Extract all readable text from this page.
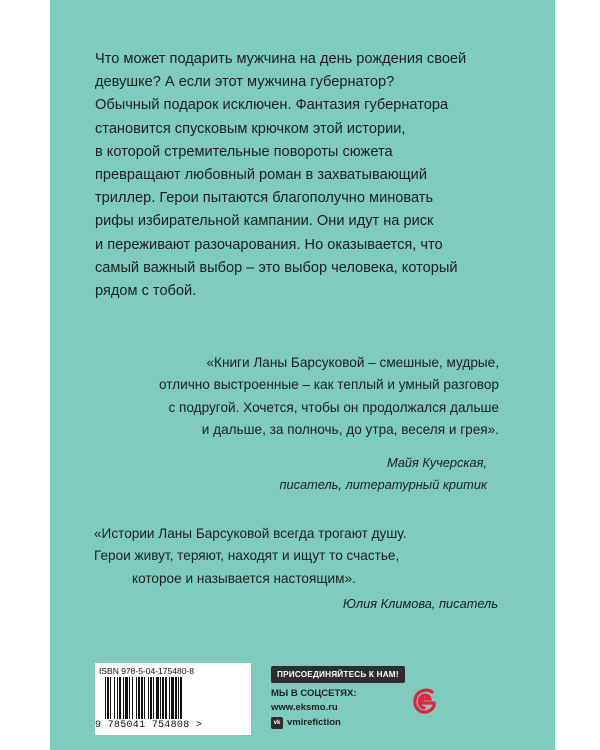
Что может подарить мужчина на день рождения своей
девушке? А если этот мужчина губернатор?
Обычный подарок исключен. Фантазия губернатора
становится спусковым крючком этой истории,
в которой стремительные повороты сюжета
превращают любовный роман в захватывающий
триллер. Герои пытаются благополучно миновать
рифы избирательной кампании. Они идут на риск
и переживают разочарования. Но оказывается, что
самый важный выбор – это выбор человека, который
рядом с тобой.
«Книги Ланы Барсуковой – смешные, мудрые,
отлично выстроенные – как теплый и умный разговор
с подругой. Хочется, чтобы он продолжался дальше
и дальше, за полночь, до утра, веселя и грея».
Майя Кучерская,
писатель, литературный критик
«Истории Ланы Барсуковой всегда трогают душу.
Герои живут, теряют, находят и ищут то счастье,
которое и называется настоящим».
Юлия Климова, писатель
ISBN 978-5-04-175480-8
9 785041 754808 >
ПРИСОЕДИНЯЙТЕСЬ К НАМ!
МЫ В СОЦСЕТЯХ:
www.eksmo.ru
vk vmirefiction
